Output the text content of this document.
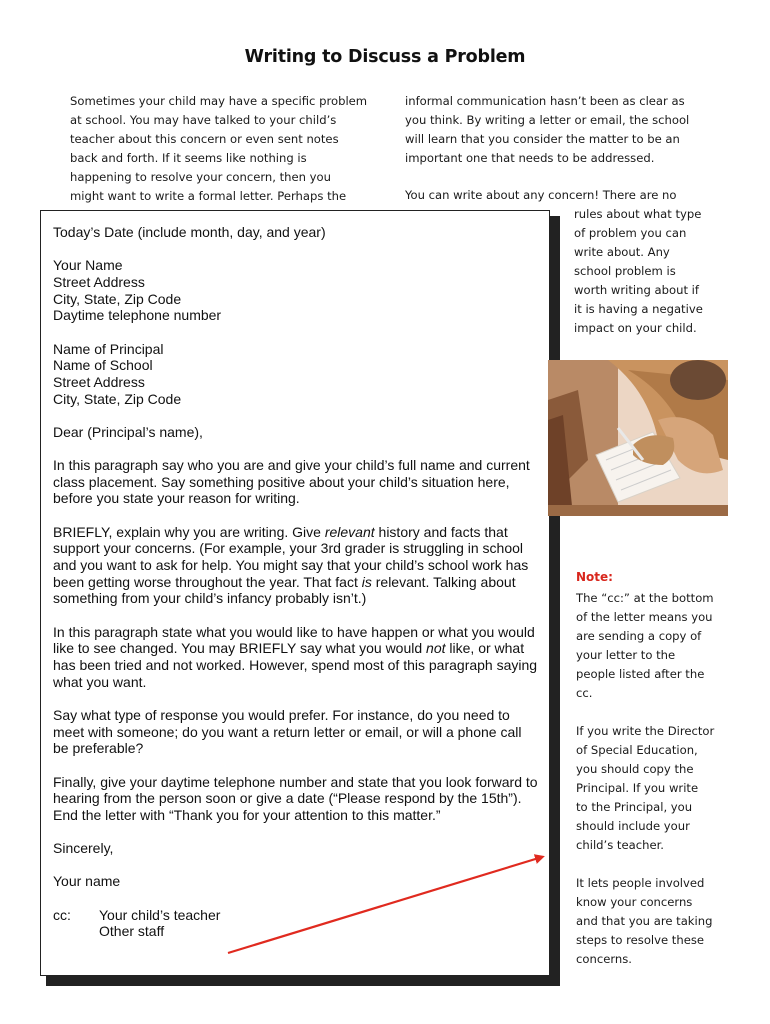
Writing to Discuss a Problem
Sometimes your child may have a specific problem
at school. You may have talked to your child’s
teacher about this concern or even sent notes
back and forth. If it seems like nothing is
happening to resolve your concern, then you
might want to write a formal letter. Perhaps the
informal communication hasn’t been as clear as
you think. By writing a letter or email, the school
will learn that you consider the matter to be an
important one that needs to be addressed.
You can write about any concern! There are no
rules about what type
of problem you can
write about. Any
school problem is
worth writing about if
it is having a negative
impact on your child.

Today’s Date (include month, day, and year)

Your Name
Street Address
City, State, Zip Code
Daytime telephone number

Name of Principal
Name of School
Street Address
City, State, Zip Code

Dear (Principal’s name),

In this paragraph say who you are and give your child’s full name and current class placement. Say something positive about your child’s situation here, before you state your reason for writing.

BRIEFLY, explain why you are writing. Give relevant history and facts that support your concerns. (For example, your 3rd grader is struggling in school and you want to ask for help. You might say that your child’s school work has been getting worse throughout the year. That fact is relevant. Talking about something from your child’s infancy probably isn’t.)

In this paragraph state what you would like to have happen or what you would like to see changed. You may BRIEFLY say what you would not like, or what has been tried and not worked. However, spend most of this paragraph saying what you want.

Say what type of response you would prefer. For instance, do you need to meet with someone; do you want a return letter or email, or will a phone call be preferable?

Finally, give your daytime telephone number and state that you look forward to hearing from the person soon or give a date (“Please respond by the 15th”). End the letter with “Thank you for your attention to this matter.”

Sincerely,

Your name

cc:	Your child’s teacher
Other staff
Note:
The “cc:” at the bottom
of the letter means you
are sending a copy of
your letter to the
people listed after the
cc.
If you write the Director
of Special Education,
you should copy the
Principal. If you write
to the Principal, you
should include your
child’s teacher.
It lets people involved
know your concerns
and that you are taking
steps to resolve these
concerns.
